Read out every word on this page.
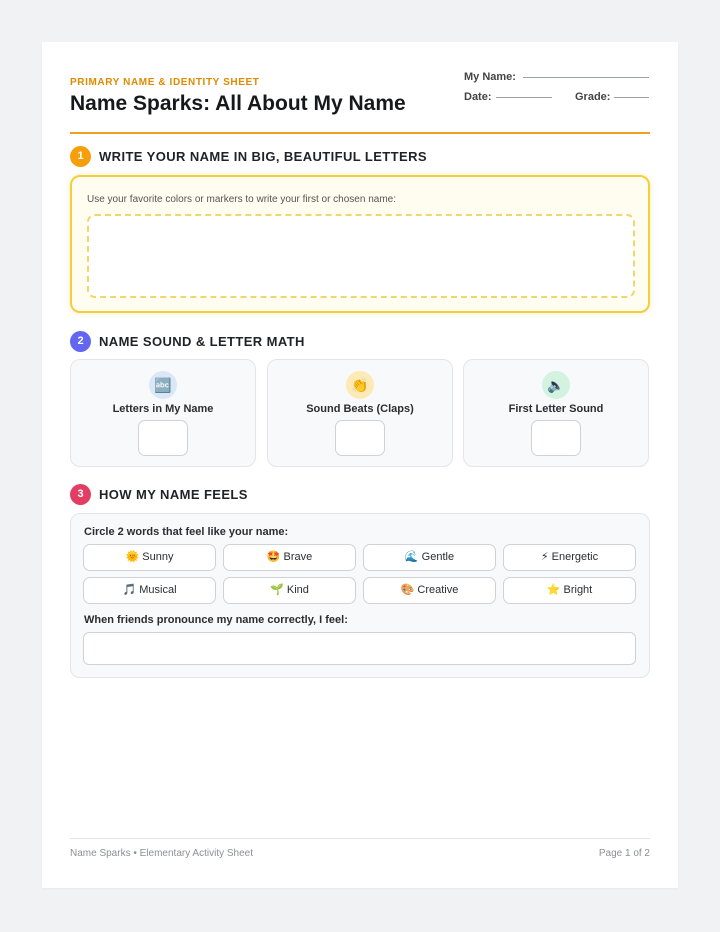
PRIMARY NAME & IDENTITY SHEET
Name Sparks: All About My Name
My Name:
Date:	Grade:
1	WRITE YOUR NAME IN BIG, BEAUTIFUL LETTERS
Use your favorite colors or markers to write your first or chosen name:
2	NAME SOUND & LETTER MATH
🔤
Letters in My Name
👏
Sound Beats (Claps)
🔈
First Letter Sound
3	HOW MY NAME FEELS
Circle 2 words that feel like your name:
🌞 Sunny	🤩 Brave	🌊 Gentle	⚡ Energetic
🎵 Musical	🌱 Kind	🎨 Creative	⭐ Bright
When friends pronounce my name correctly, I feel:
Name Sparks • Elementary Activity Sheet	Page 1 of 2
